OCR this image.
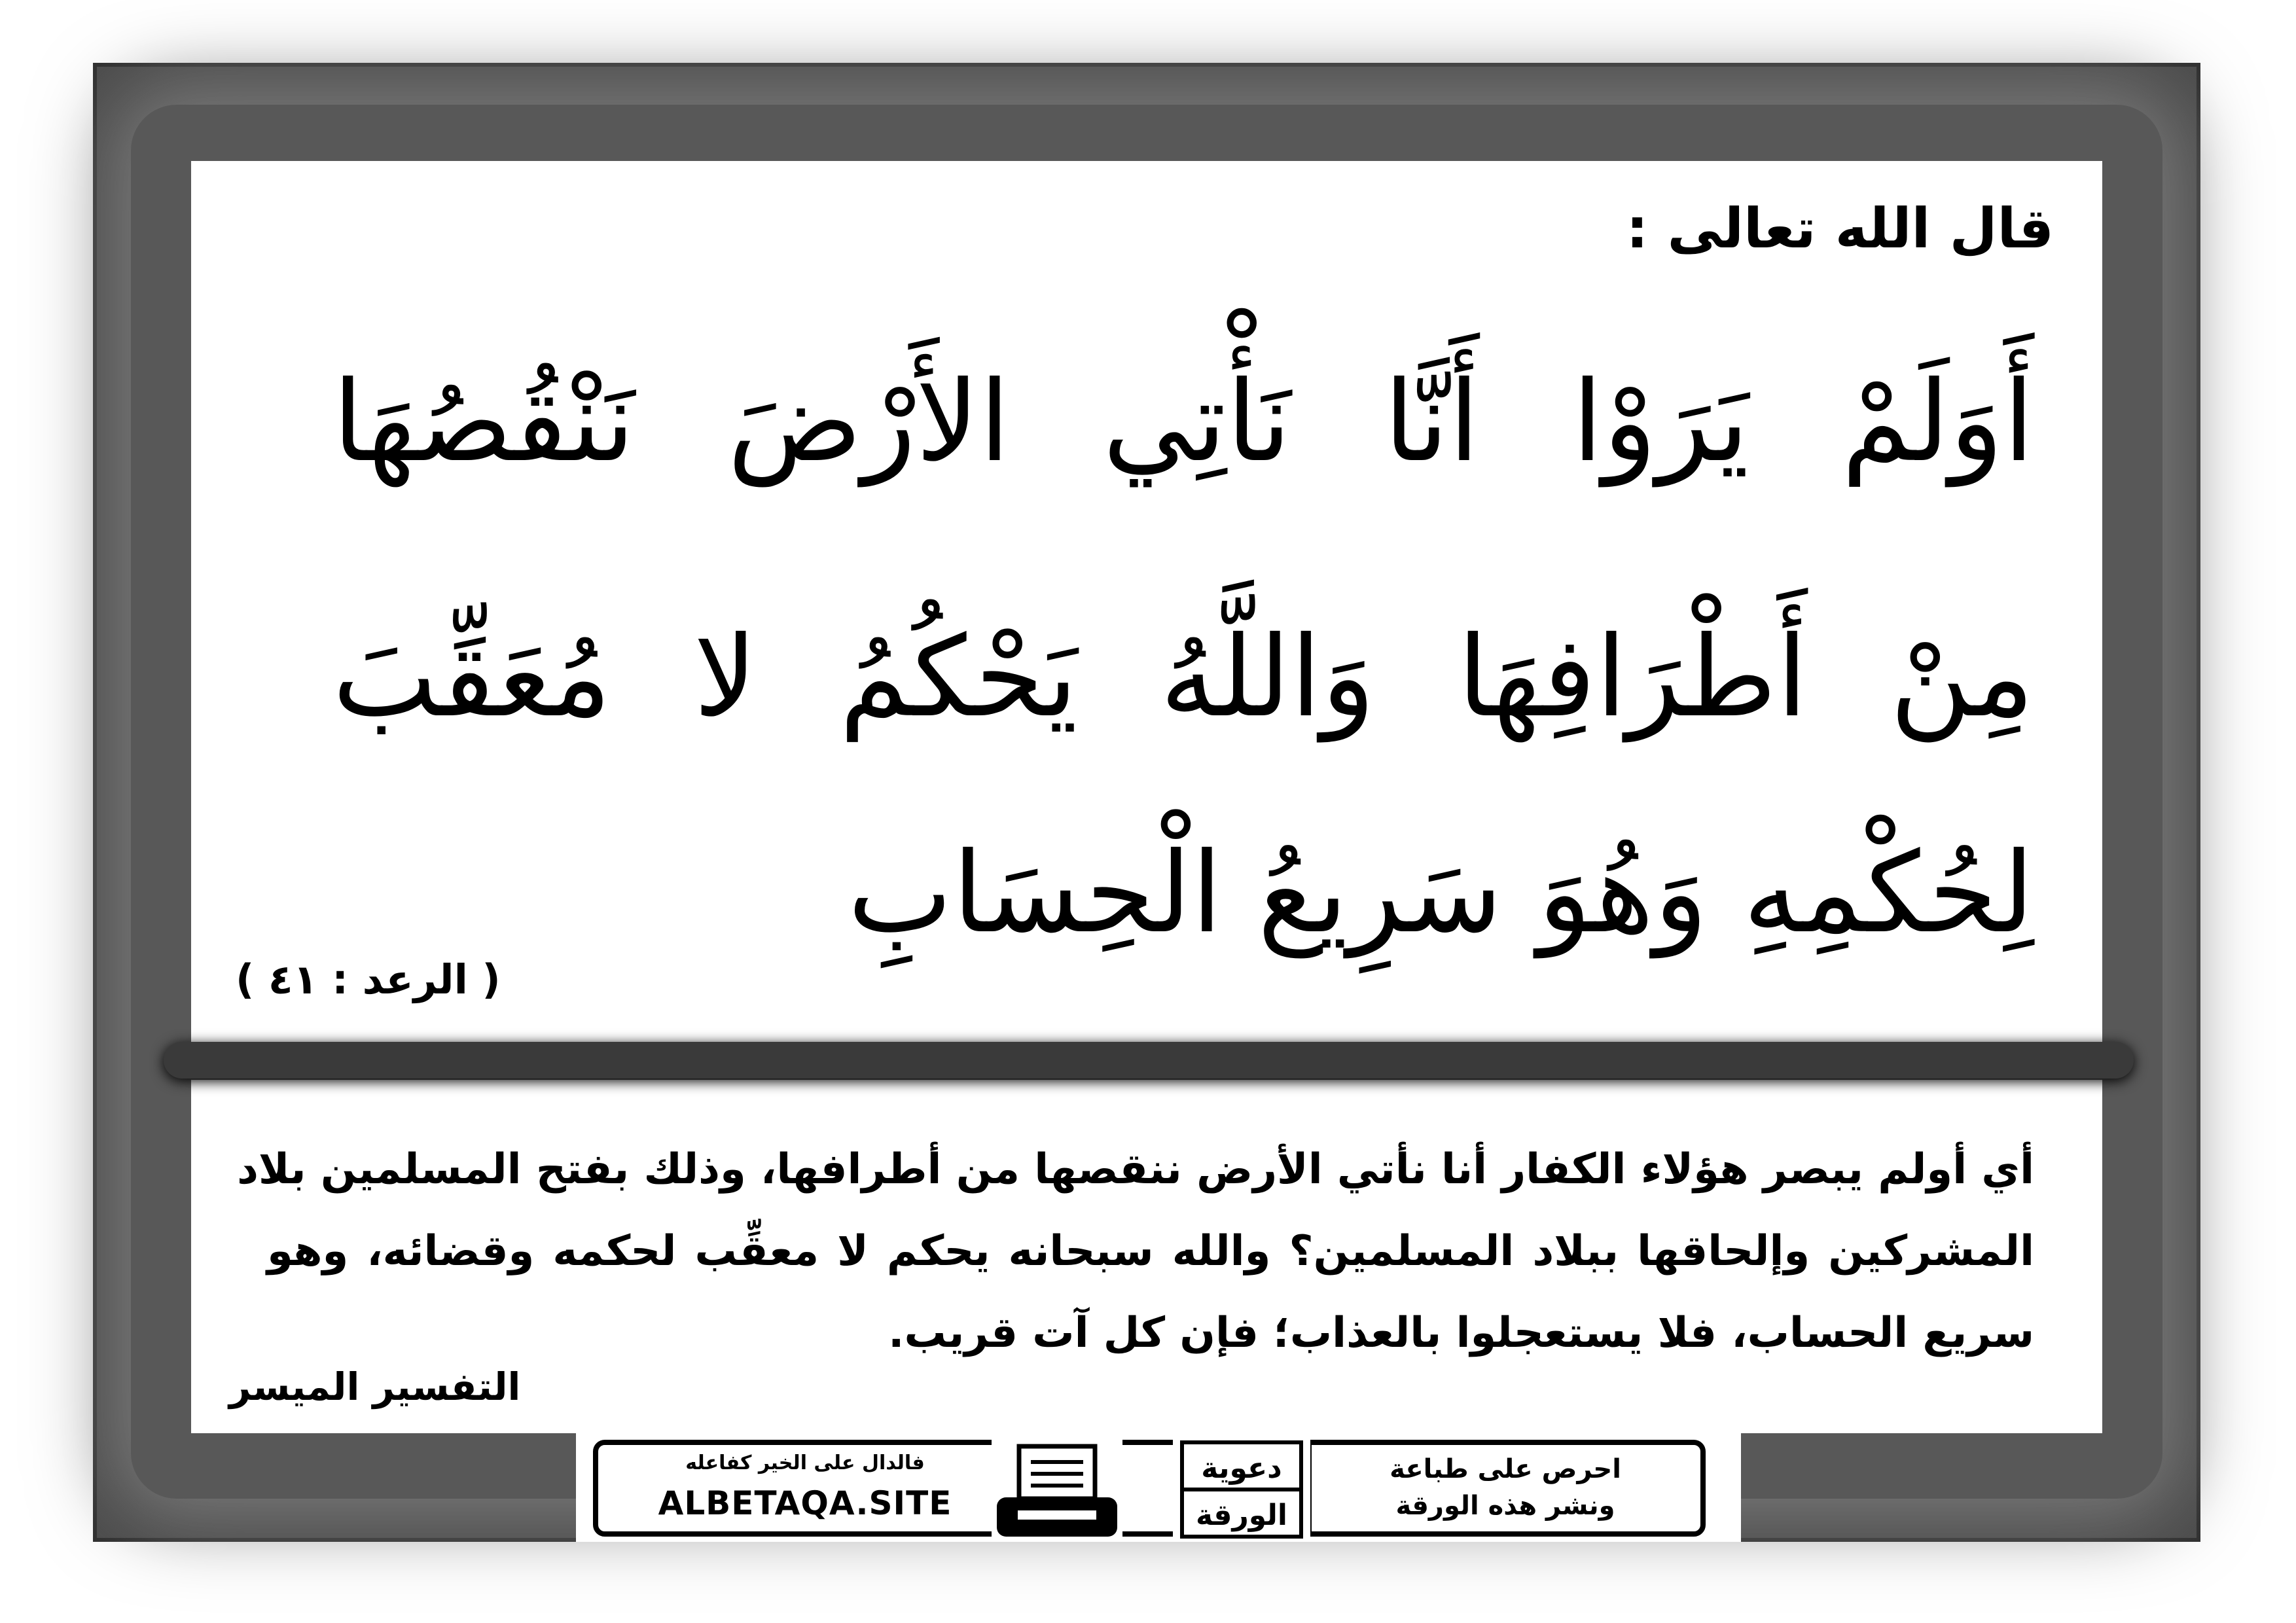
قال الله تعالى :
أَوَلَمْ يَرَوْا أَنَّا نَأْتِي الأَرْضَ نَنْقُصُهَا
مِنْ أَطْرَافِهَا وَاللَّهُ يَحْكُمُ لا مُعَقِّبَ
لِحُكْمِهِ وَهُوَ سَرِيعُ الْحِسَابِ
( الرعد : ٤١ )
أي أولم يبصر هؤلاء الكفار أنا نأتي الأرض ننقصها من أطرافها، وذلك بفتح المسلمين بلاد
المشركين وإلحاقها ببلاد المسلمين؟ والله سبحانه يحكم لا معقِّب لحكمه وقضائه، وهو
سريع الحساب، فلا يستعجلوا بالعذاب؛ فإن كل آت قريب.
التفسير الميسر
فالدال على الخير كفاعله
ALBETAQA.SITE
دعوية
الورقة
احرص على طباعة
ونشر هذه الورقة
